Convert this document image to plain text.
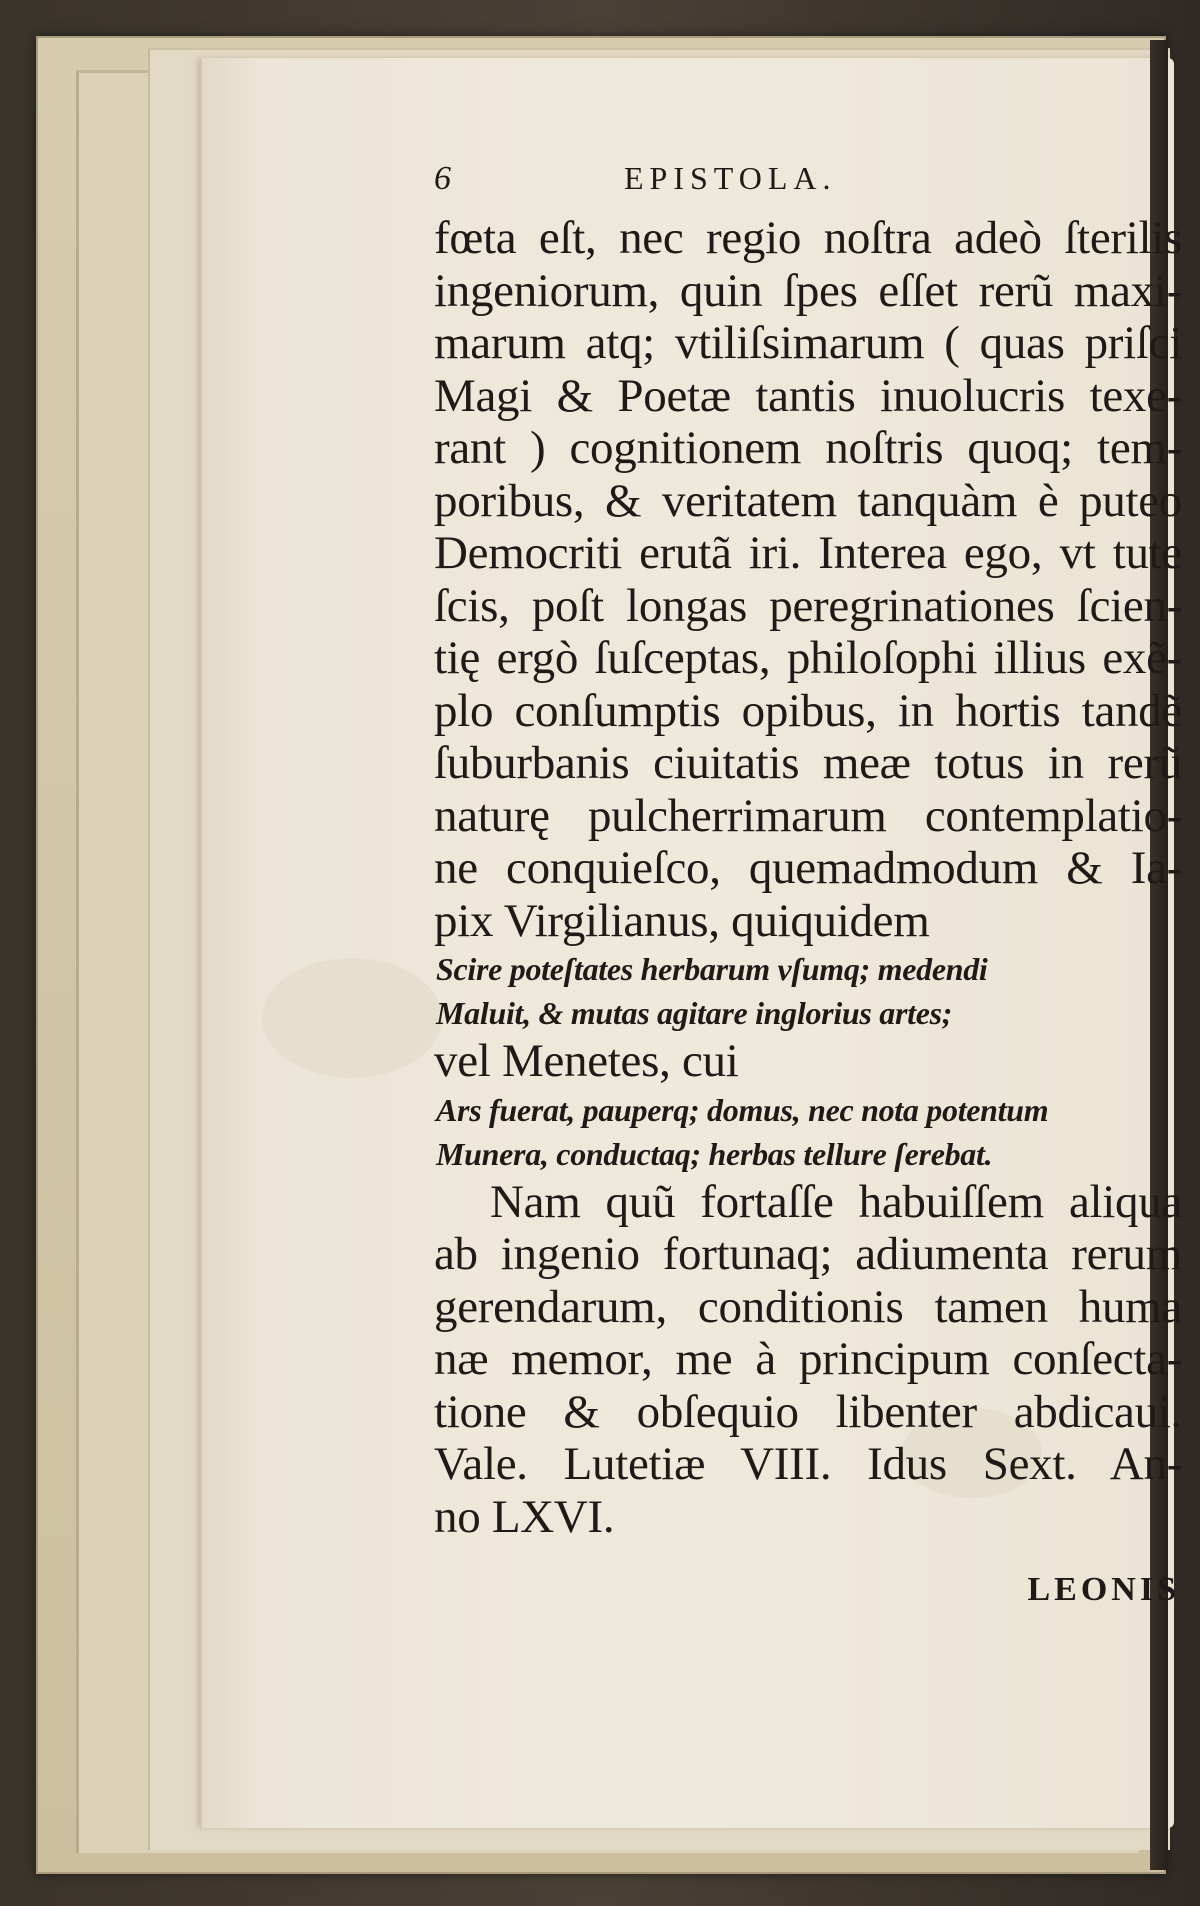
6	EPISTOLA.
fœta eſt, nec regio noſtra adeò ſterilis
ingeniorum, quin ſpes eſſet rerũ maxi-
marum atq; vtiliſsimarum ( quas priſci
Magi & Poetæ tantis inuolucris texe-
rant ) cognitionem noſtris quoq; tem-
poribus, & veritatem tanquàm è puteo
Democriti erutã iri. Interea ego, vt tute
ſcis, poſt longas peregrinationes ſcien-
tię ergò ſuſceptas, philoſophi illius exẽ-
plo conſumptis opibus, in hortis tandẽ
ſuburbanis ciuitatis meæ totus in rerũ
naturę pulcherrimarum contemplatio-
ne conquieſco, quemadmodum & Ia-
pix Virgilianus, quiquidem
Scire poteſtates herbarum vſumq; medendi
Maluit, & mutas agitare inglorius artes;
vel Menetes, cui
Ars fuerat, pauperq; domus, nec nota potentum
Munera, conductaq; herbas tellure ſerebat.
Nam quũ fortaſſe habuiſſem aliqua
ab ingenio fortunaq; adiumenta rerum
gerendarum, conditionis tamen huma
næ memor, me à principum conſecta-
tione & obſequio libenter abdicaui.
Vale. Lutetiæ VIII. Idus Sext. An-
no LXVI.
LEONIS
